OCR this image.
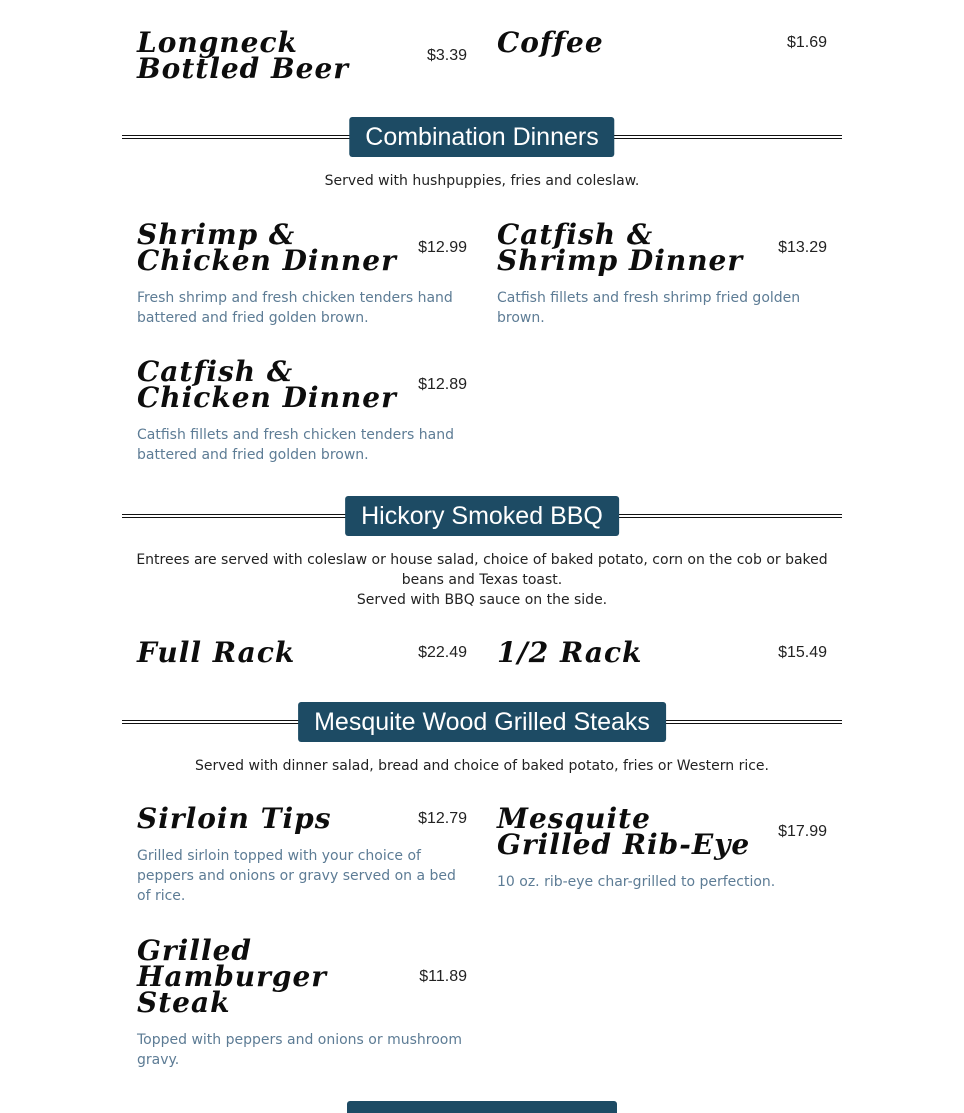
Longneck Bottled Beer	$3.39 Coffee	$1.69
Combination Dinners
Served with hushpuppies, fries and coleslaw.
Shrimp & Chicken Dinner	$12.99
Fresh shrimp and fresh chicken tenders hand battered and fried golden brown.
Catfish & Shrimp Dinner	$13.29
Catfish fillets and fresh shrimp fried golden brown.
Catfish & Chicken Dinner	$12.89
Catfish fillets and fresh chicken tenders hand battered and fried golden brown.
Hickory Smoked BBQ
Entrees are served with coleslaw or house salad, choice of baked potato, corn on the cob or baked beans and Texas toast.
Served with BBQ sauce on the side.
Full Rack	$22.49 1/2 Rack	$15.49
Mesquite Wood Grilled Steaks
Served with dinner salad, bread and choice of baked potato, fries or Western rice.
Sirloin Tips	$12.79
Grilled sirloin topped with your choice of peppers and onions or gravy served on a bed of rice.
Mesquite Grilled Rib-Eye	$17.99
10 oz. rib-eye char-grilled to perfection.
Grilled Hamburger Steak
$11.89
Topped with peppers and onions or mushroom gravy.
